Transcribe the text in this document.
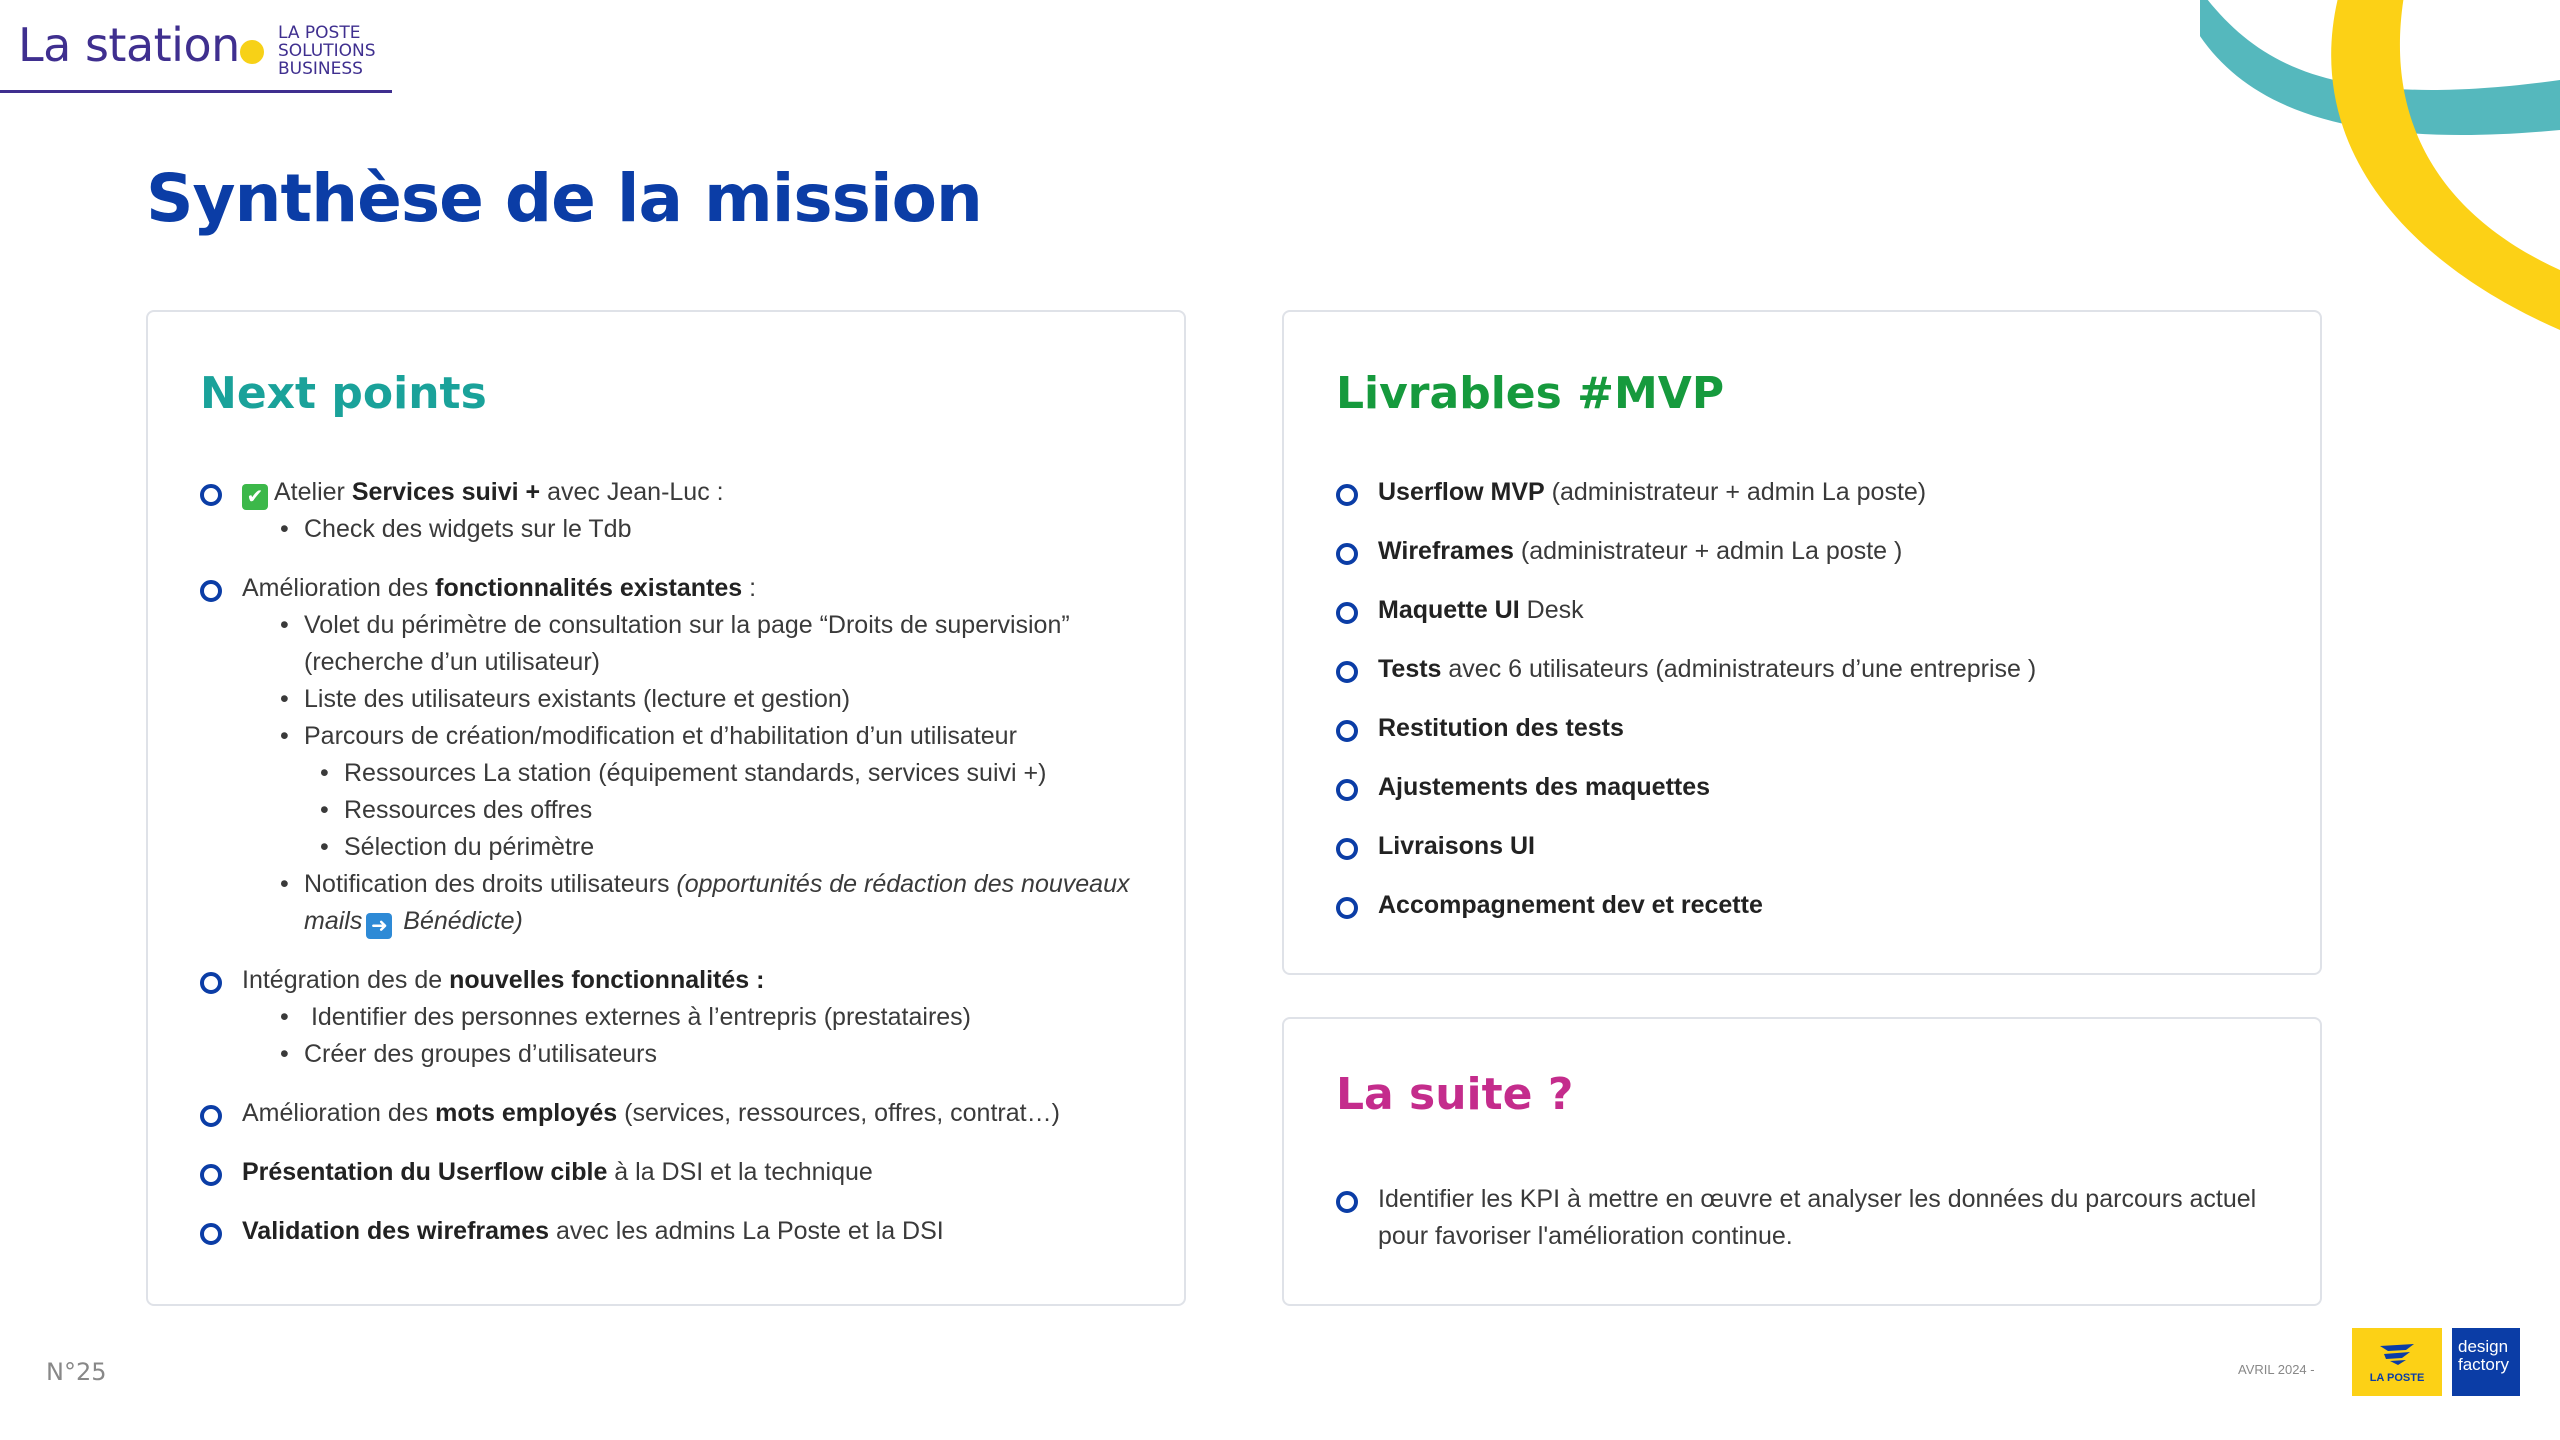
La station LA POSTE
SOLUTIONS
BUSINESS
Synthèse de la mission
Next points
✔ Atelier Services suivi + avec Jean-Luc :
• Check des widgets sur le Tdb
Amélioration des fonctionnalités existantes :
• Volet du périmètre de consultation sur la page “Droits de supervision”
(recherche d’un utilisateur)
• Liste des utilisateurs existants (lecture et gestion)
• Parcours de création/modification et d’habilitation d’un utilisateur
• Ressources La station (équipement standards, services suivi +)
• Ressources des offres
• Sélection du périmètre
• Notification des droits utilisateurs (opportunités de rédaction des nouveaux
mails ➜ Bénédicte)
Intégration des de nouvelles fonctionnalités :
• Identifier des personnes externes à l’entrepris (prestataires)
• Créer des groupes d’utilisateurs
Amélioration des mots employés (services, ressources, offres, contrat…)
Présentation du Userflow cible à la DSI et la technique
Validation des wireframes avec les admins La Poste et la DSI
Livrables #MVP
Userflow MVP (administrateur + admin La poste)
Wireframes (administrateur + admin La poste )
Maquette UI Desk
Tests avec 6 utilisateurs (administrateurs d’une entreprise )
Restitution des tests
Ajustements des maquettes
Livraisons UI
Accompagnement dev et recette
La suite ?
Identifier les KPI à mettre en œuvre et analyser les données du parcours actuel
pour favoriser l'amélioration continue.
N°25	AVRIL 2024 -
LA POSTE
design
factory
